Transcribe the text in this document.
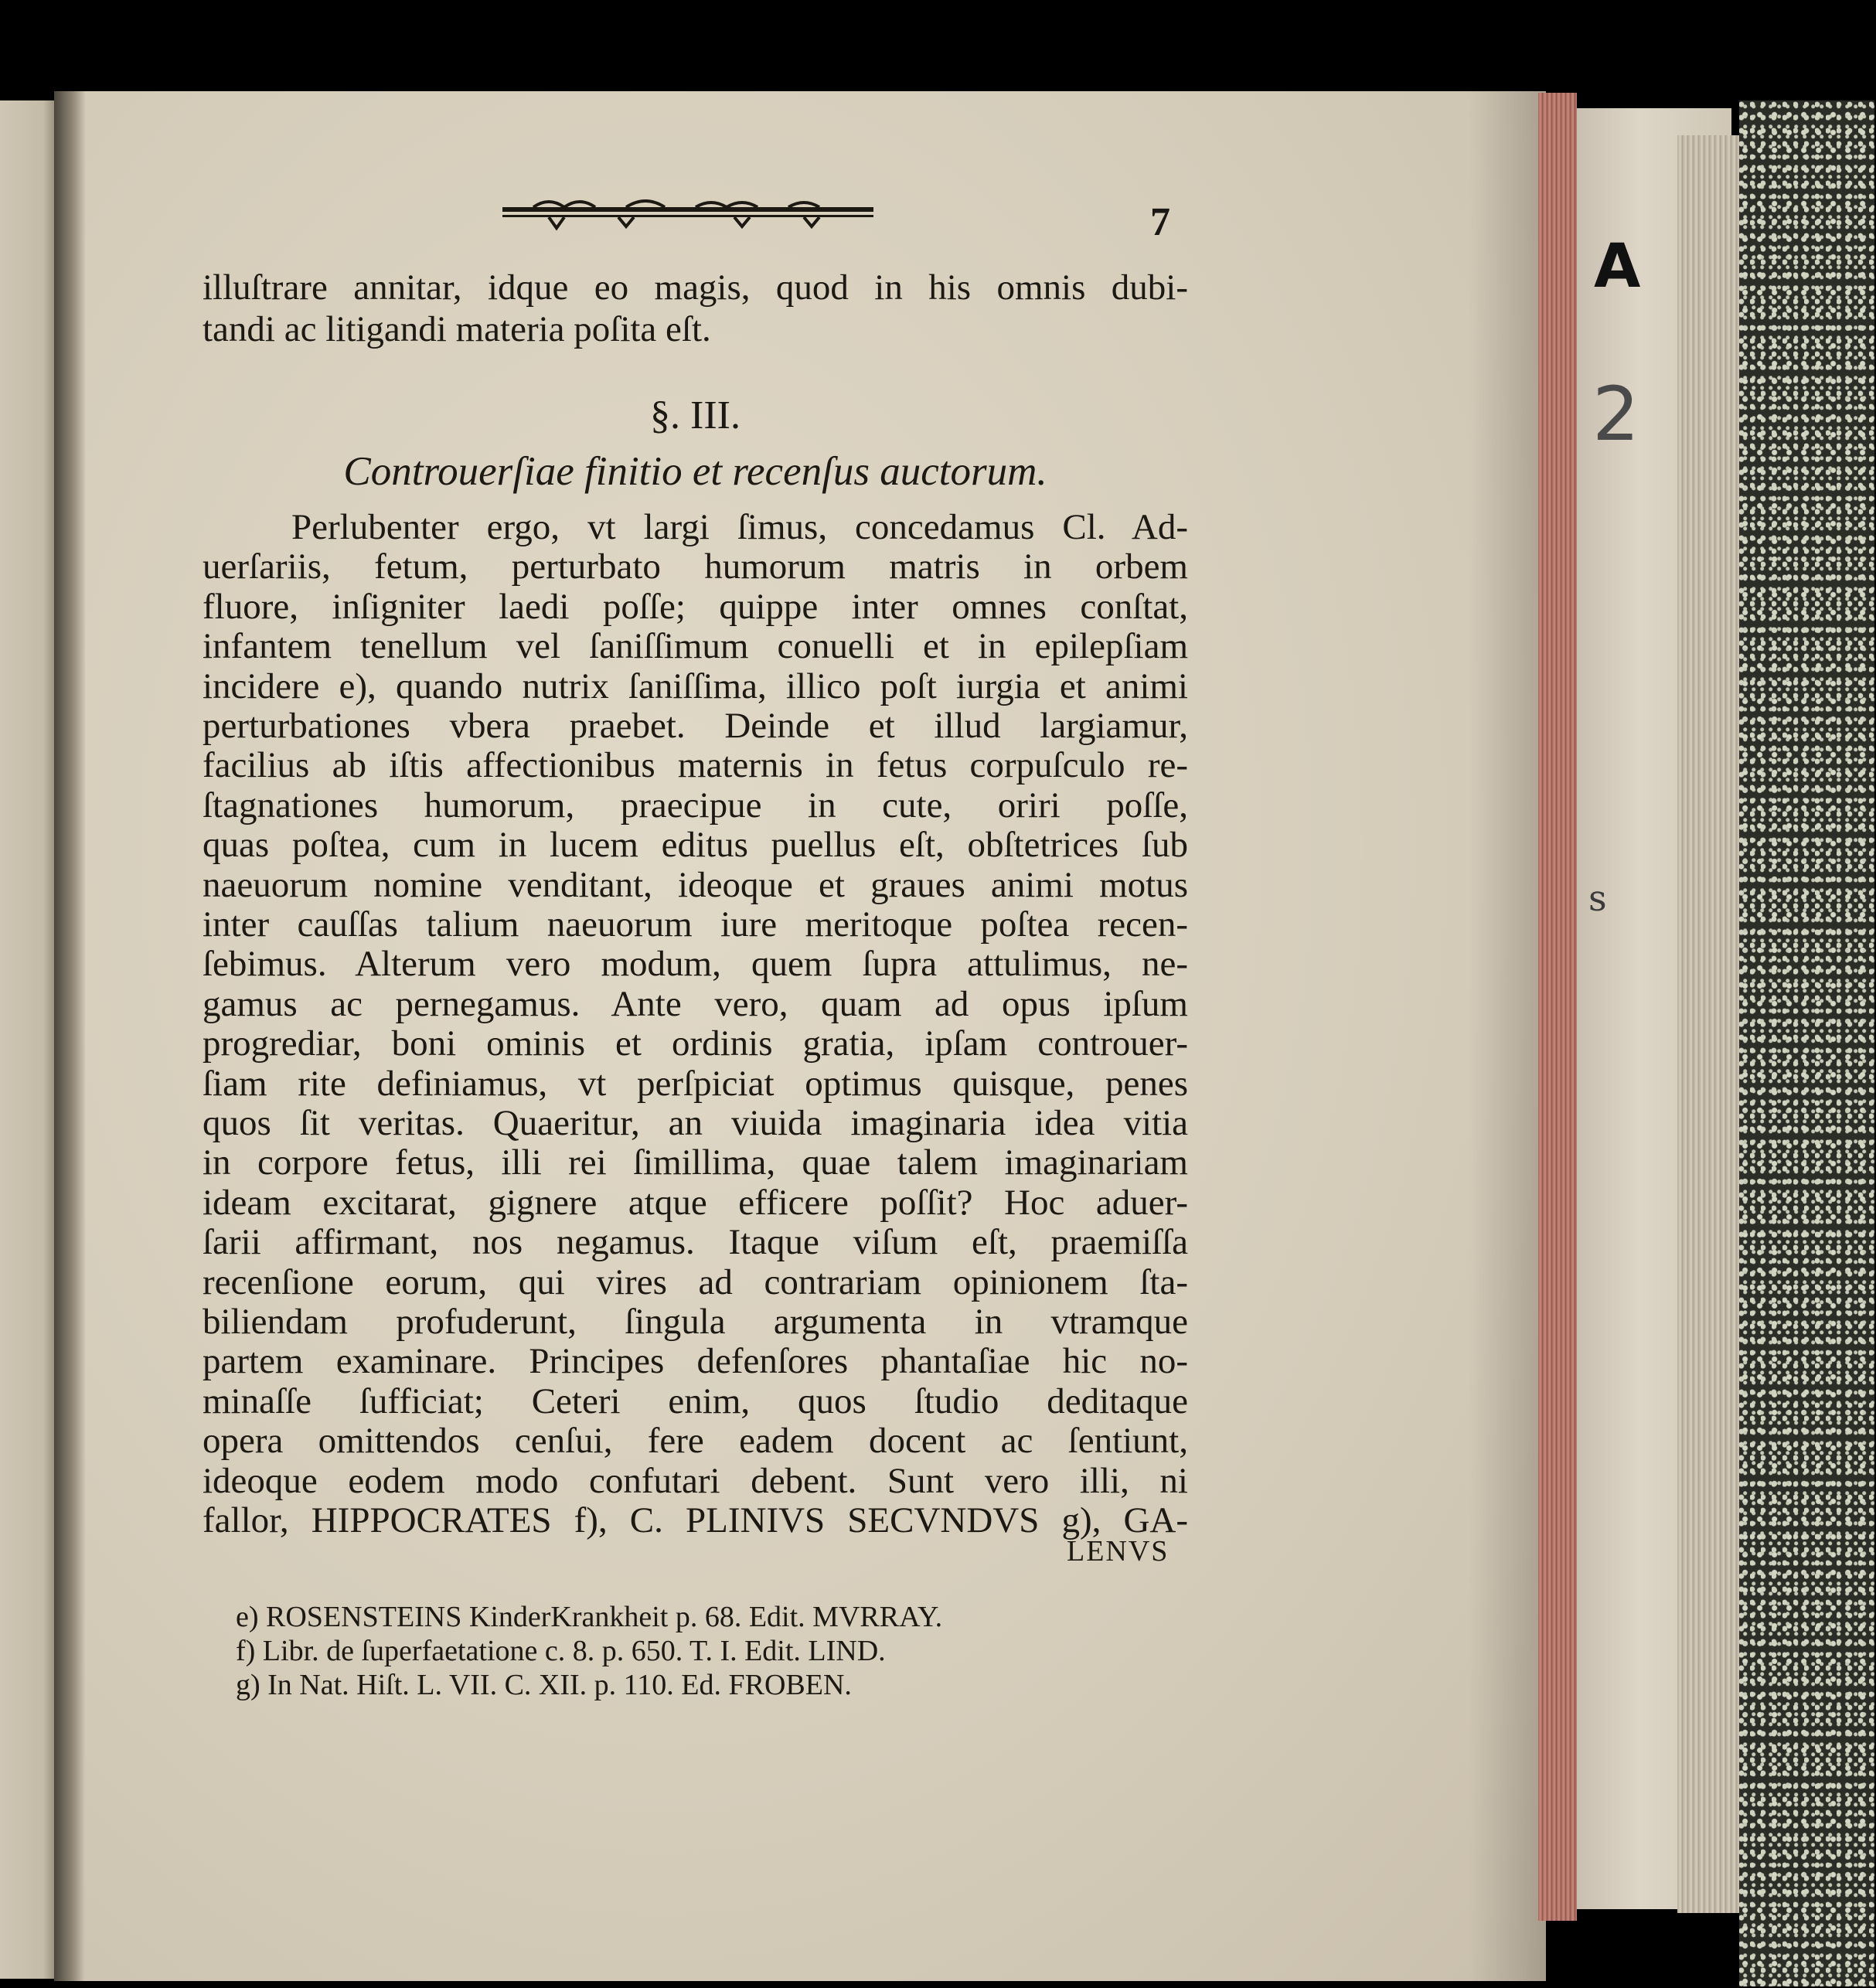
A
2
s
7
illuſtrare annitar, idque eo magis, quod in his omnis dubi-
tandi ac litigandi materia poſita eſt.
§. III.
Controuerſiae finitio et recenſus auctorum.
Perlubenter ergo, vt largi ſimus, concedamus Cl. Ad-
uerſariis, fetum, perturbato humorum matris in orbem
fluore, inſigniter laedi poſſe; quippe inter omnes conſtat,
infantem tenellum vel ſaniſſimum conuelli et in epilepſiam
incidere e), quando nutrix ſaniſſima, illico poſt iurgia et animi
perturbationes vbera praebet. Deinde et illud largiamur,
facilius ab iſtis affectionibus maternis in fetus corpuſculo re-
ſtagnationes humorum, praecipue in cute, oriri poſſe,
quas poſtea, cum in lucem editus puellus eſt, obſtetrices ſub
naeuorum nomine venditant, ideoque et graues animi motus
inter cauſſas talium naeuorum iure meritoque poſtea recen-
ſebimus. Alterum vero modum, quem ſupra attulimus, ne-
gamus ac pernegamus. Ante vero, quam ad opus ipſum
progrediar, boni ominis et ordinis gratia, ipſam controuer-
ſiam rite definiamus, vt perſpiciat optimus quisque, penes
quos ſit veritas. Quaeritur, an viuida imaginaria idea vitia
in corpore fetus, illi rei ſimillima, quae talem imaginariam
ideam excitarat, gignere atque efficere poſſit? Hoc aduer-
ſarii affirmant, nos negamus. Itaque viſum eſt, praemiſſa
recenſione eorum, qui vires ad contrariam opinionem ſta-
biliendam profuderunt, ſingula argumenta in vtramque
partem examinare. Principes defenſores phantaſiae hic no-
minaſſe ſufficiat; Ceteri enim, quos ſtudio deditaque
opera omittendos cenſui, fere eadem docent ac ſentiunt,
ideoque eodem modo confutari debent. Sunt vero illi, ni
fallor, HIPPOCRATES f), C. PLINIVS SECVNDVS g), GA-
LENVS
e) ROSENSTEINS KinderKrankheit p. 68. Edit. MVRRAY.
f) Libr. de ſuperfaetatione c. 8. p. 650. T. I. Edit. LIND.
g) In Nat. Hiſt. L. VII. C. XII. p. 110. Ed. FROBEN.
